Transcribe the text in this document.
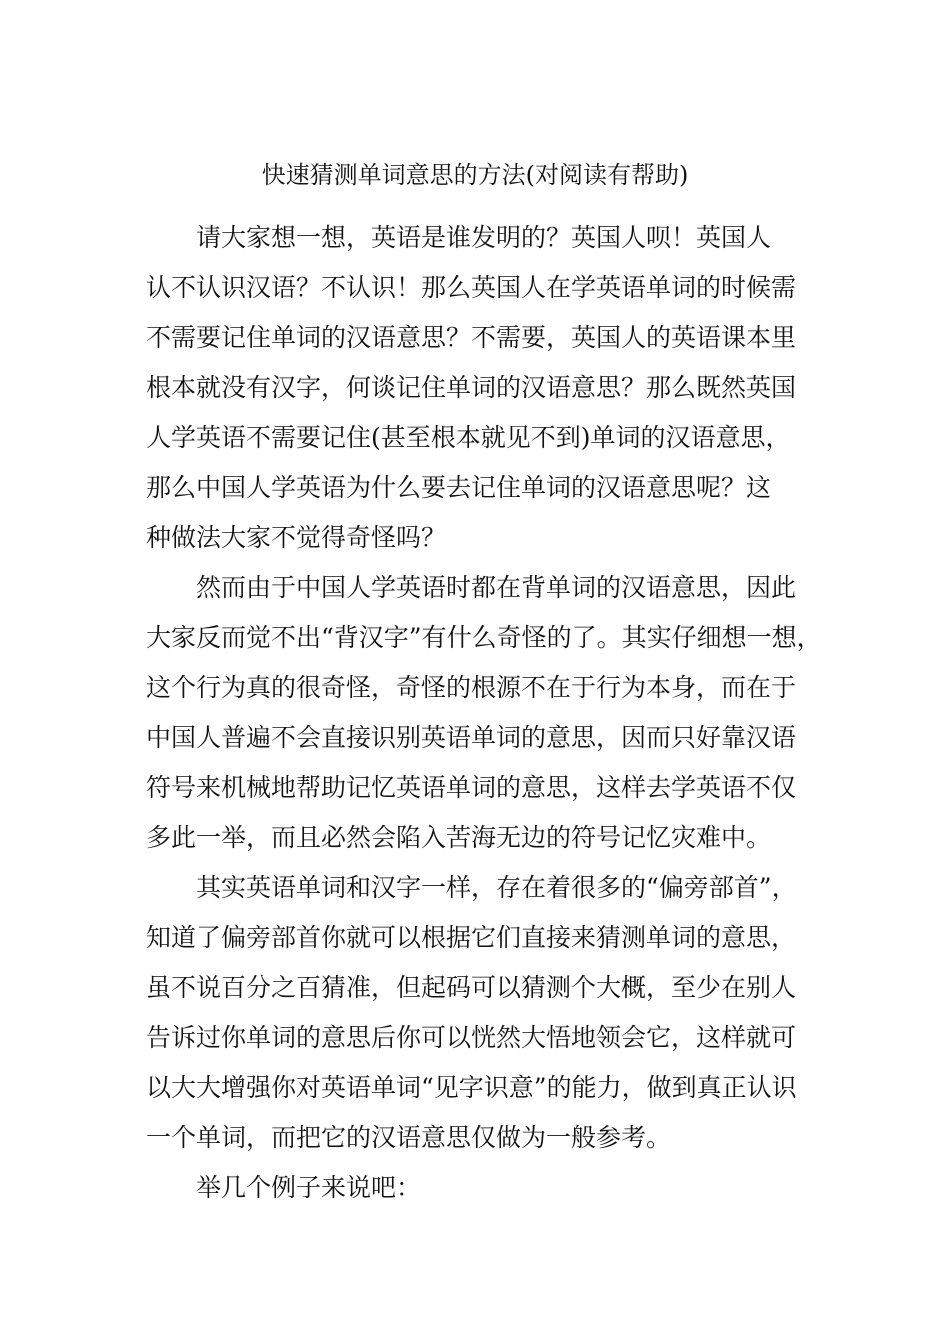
快速猜测单词意思的方法(对阅读有帮助)
请大家想一想，英语是谁发明的？英国人呗！英国人
认不认识汉语？不认识！那么英国人在学英语单词的时候需
不需要记住单词的汉语意思？不需要，英国人的英语课本里
根本就没有汉字，何谈记住单词的汉语意思？那么既然英国
人学英语不需要记住(甚至根本就见不到)单词的汉语意思，
那么中国人学英语为什么要去记住单词的汉语意思呢？这
种做法大家不觉得奇怪吗？
然而由于中国人学英语时都在背单词的汉语意思，因此
大家反而觉不出“背汉字”有什么奇怪的了。其实仔细想一想，
这个行为真的很奇怪，奇怪的根源不在于行为本身，而在于
中国人普遍不会直接识别英语单词的意思，因而只好靠汉语
符号来机械地帮助记忆英语单词的意思，这样去学英语不仅
多此一举，而且必然会陷入苦海无边的符号记忆灾难中。
其实英语单词和汉字一样，存在着很多的“偏旁部首”，
知道了偏旁部首你就可以根据它们直接来猜测单词的意思，
虽不说百分之百猜准，但起码可以猜测个大概，至少在别人
告诉过你单词的意思后你可以恍然大悟地领会它，这样就可
以大大增强你对英语单词“见字识意”的能力，做到真正认识
一个单词，而把它的汉语意思仅做为一般参考。
举几个例子来说吧：
